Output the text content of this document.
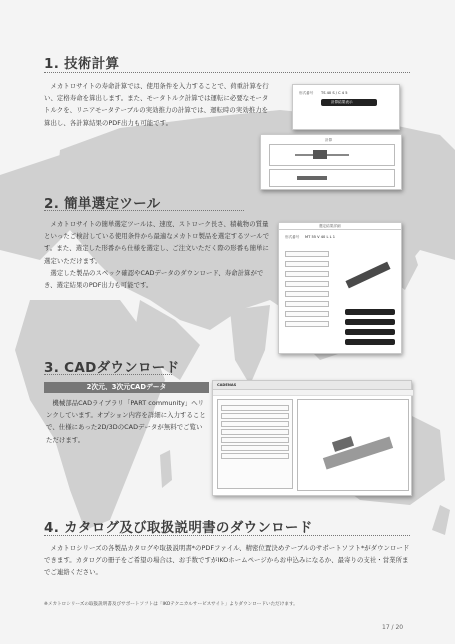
1. 技術計算

メカトロサイトの寿命計算では、使用条件を入力することで、荷重計算を行い、定格寿命を算出します。また、モータトルク計算では運転に必要なモータトルクを、リニアモータテーブルの実効推力の計算では、運転時の実効推力を算出し、各計算結果のPDF出力も可能です。

形式番号 TS 40 S / C 4 5
計算結果表示
計算
2. 簡単選定ツール

メカトロサイトの簡単選定ツールは、速度、ストローク長さ、積載物の質量といったご検討している使用条件から最適なメカトロ製品を選定するツールです。また、選定した形番から仕様を選定し、ご注文いただく際の形番も簡単に選定いただけます。

選定した製品のスペック確認やCADデータのダウンロード、寿命計算ができ、選定結果のPDF出力も可能です。

選定結果詳細
形式番号 MT 55 V 40 L L 1
3. CADダウンロード
2次元、3次元CADデータ

機械部品CADライブラリ「PART community」へリンクしています。オプション内容を詳細に入力することで、仕様にあった2D/3DのCADデータが無料でご覧いただけます。

CADENAS
4. カタログ及び取扱説明書のダウンロード

メカトロシリーズの各製品カタログや取扱説明書*のPDFファイル、精密位置決めテーブルのサポートソフト*がダウンロードできます。カタログの冊子をご希望の場合は、お手数ですがIKOホームページからお申込みになるか、最寄りの支社・営業所までご連絡ください。

※メカトロシリーズの取扱説明書及びサポートソフトは「IKOテクニカルサービスサイト」よりダウンロードいただけます。
17 / 20
